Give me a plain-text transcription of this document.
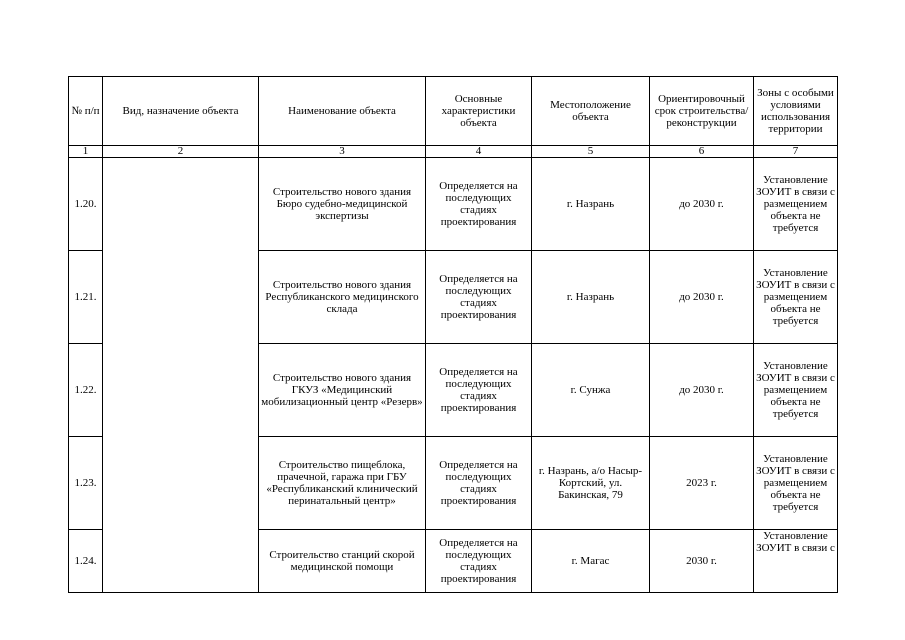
№ п/п	Вид, назначение объекта	Наименование объекта	Основные характеристики объекта	Местоположение объекта	Ориентировочный срок строительства/ реконструкции	Зоны с особыми условиями использования территории
1	2	3	4	5	6	7
1.20.		Строительство нового здания Бюро судебно-медицинской экспертизы	Определяется на последующих стадиях проектирования	г. Назрань	до 2030 г.	Установление ЗОУИТ в связи с размещением объекта не требуется
1.21.		Строительство нового здания Республиканского медицинского склада	Определяется на последующих стадиях проектирования	г. Назрань	до 2030 г.	Установление ЗОУИТ в связи с размещением объекта не требуется
1.22.		Строительство нового здания ГКУЗ «Медицинский мобилизационный центр «Резерв»	Определяется на последующих стадиях проектирования	г. Сунжа	до 2030 г.	Установление ЗОУИТ в связи с размещением объекта не требуется
1.23.		Строительство пищеблока, прачечной, гаража при ГБУ «Республиканский клинический перинатальный центр»	Определяется на последующих стадиях проектирования	г. Назрань, а/о Насыр-Кортский, ул. Бакинская, 79	2023 г.	Установление ЗОУИТ в связи с размещением объекта не требуется
1.24.		Строительство станций скорой медицинской помощи	Определяется на последующих стадиях проектирования	г. Магас	2030 г.	Установление ЗОУИТ в связи с
